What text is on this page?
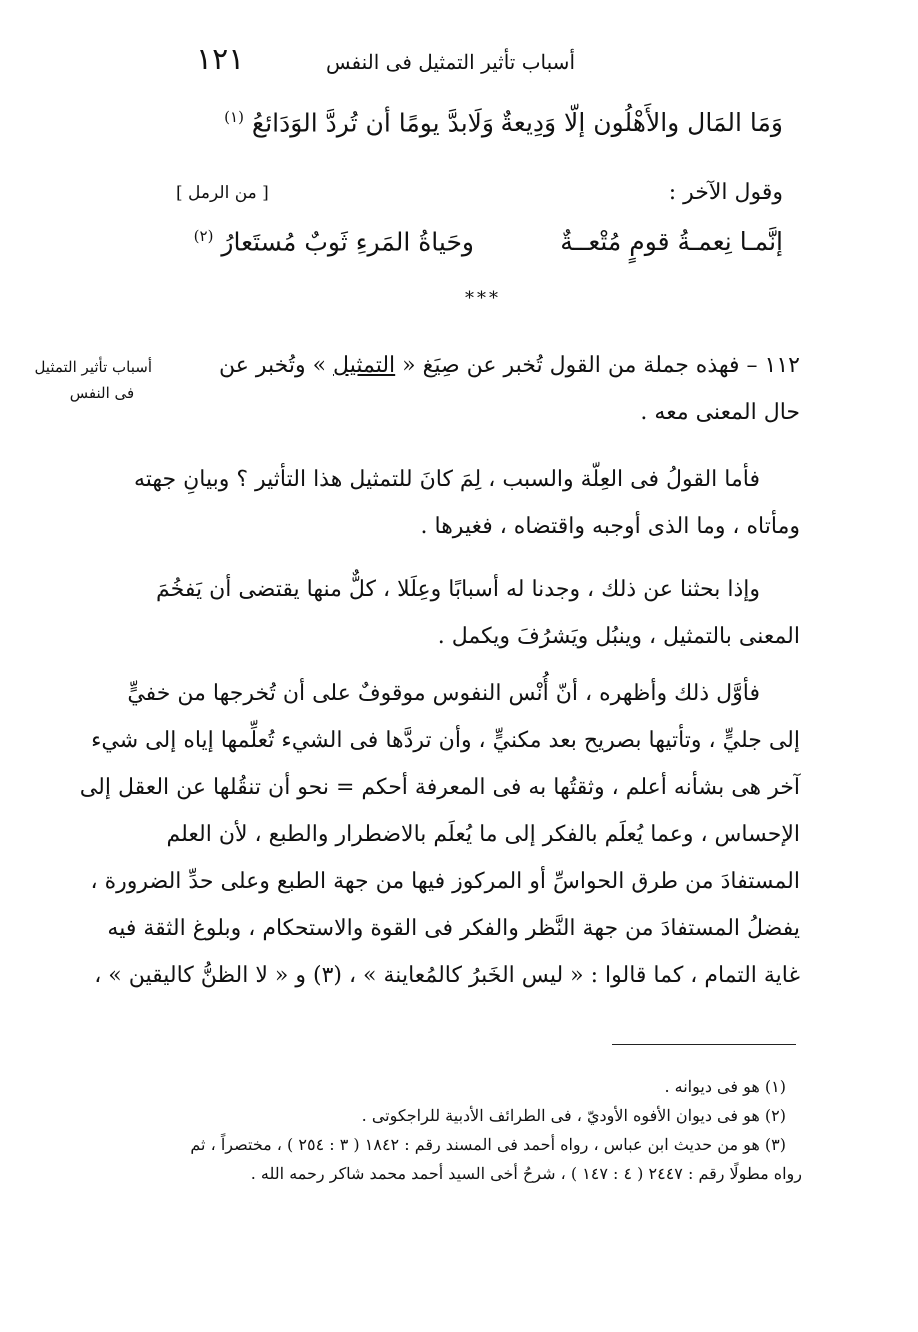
١٢١	أسباب تأثير التمثيل فى النفس
وَمَا المَال والأَهْلُون إلّا وَدِيعةٌ
وَلَابدَّ يومًا أن تُردَّ الوَدَائعُ $^{(١)}$
وقول الآخر :
[ من الرمل ]
إنَّمـا نِعمـةُ قومٍ مُتْعــةٌ
وحَياةُ المَرءِ ثَوبٌ مُستَعارُ $^{(٢)}$
***
أسباب تأثير التمثيل
فى النفس
١١٢ – فهذه جملة من القول تُخبر عن صِيَغ « التمثيل » وتُخبر عن
حال المعنى معه .
فأما القولُ فى العِلّة والسبب ، لِمَ كانَ للتمثيل هذا التأثير ؟ وبيانِ جهته
ومأتاه ، وما الذى أوجبه واقتضاه ، فغيرها .
وإذا بحثنا عن ذلك ، وجدنا له أسبابًا وعِلَلا ، كلٌّ منها يقتضى أن يَفخُمَ
المعنى بالتمثيل ، وينبُل ويَشرُفَ ويكمل .
فأوَّل ذلك وأظهره ، أنّ أُنْس النفوس موقوفٌ على أن تُخرجها من خفيٍّ
إلى جليٍّ ، وتأتيها بصريح بعد مكنيٍّ ، وأن تردَّها فى الشيء تُعلِّمها إياه إلى شيء
آخر هى بشأنه أعلم ، وثقتُها به فى المعرفة أحكم = نحو أن تنقُلها عن العقل إلى
الإحساس ، وعما يُعلَم بالفكر إلى ما يُعلَم بالاضطرار والطبع ، لأن العلم
المستفادَ من طرق الحواسِّ أو المركوز فيها من جهة الطبع وعلى حدِّ الضرورة ،
يفضلُ المستفادَ من جهة النَّظر والفكر فى القوة والاستحكام ، وبلوغ الثقة فيه
غاية التمام ، كما قالوا : « ليس الخَبرُ كالمُعاينة » ، (٣) و « لا الظنُّ كاليقين » ،
(١) هو فى ديوانه .
(٢) هو فى ديوان الأفوه الأوديّ ، فى الطرائف الأدبية للراجكوتى .
(٣) هو من حديث ابن عباس ، رواه أحمد فى المسند رقم : ١٨٤٢ ( ٣ : ٢٥٤ ) ، مختصراً ، ثم
رواه مطولًا رقم : ٢٤٤٧ ( ٤ : ١٤٧ ) ، شرحُ أخى السيد أحمد محمد شاكر رحمه الله .
